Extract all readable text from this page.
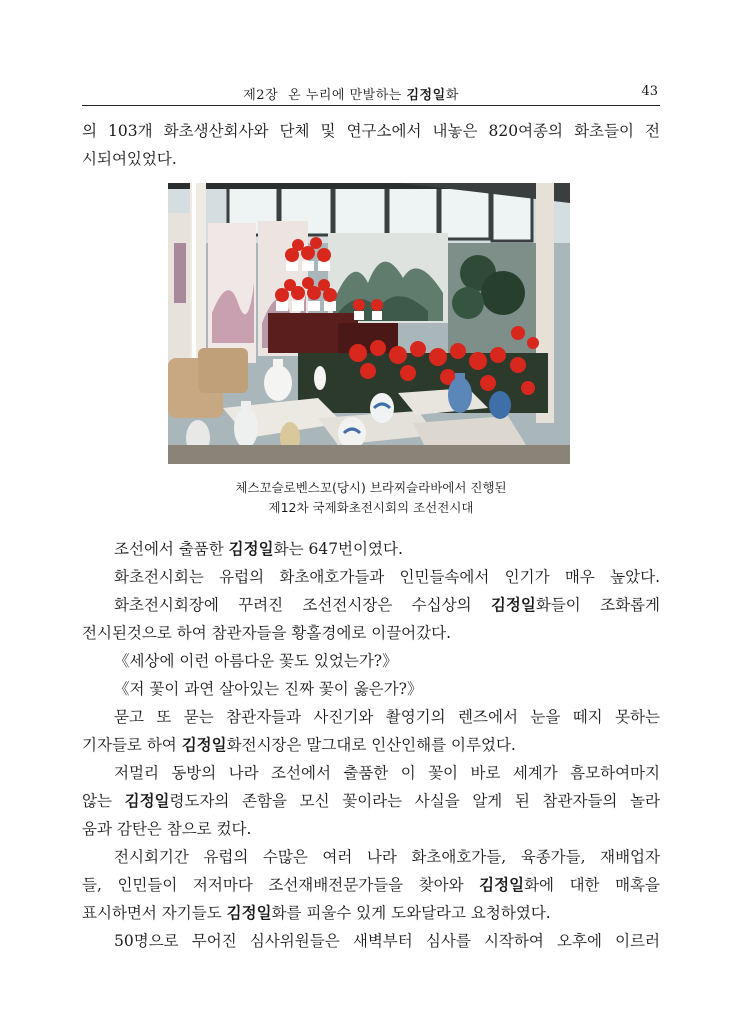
제2장 온 누리에 만발하는 김정일화	43
의 103개 화초생산회사와 단체 및 연구소에서 내놓은 820여종의 화초들이 전
시되여있었다.
체스꼬슬로벤스꼬(당시) 브라찌슬라바에서 진행된
제12차 국제화초전시회의 조선전시대
조선에서 출품한 김정일화는 647번이였다.
화초전시회는 유럽의 화초애호가들과 인민들속에서 인기가 매우 높았다.
화초전시회장에 꾸려진 조선전시장은 수십상의 김정일화들이 조화롭게
전시된것으로 하여 참관자들을 황홀경에로 이끌어갔다.
《세상에 이런 아름다운 꽃도 있었는가?》
《저 꽃이 과연 살아있는 진짜 꽃이 옳은가?》
묻고 또 묻는 참관자들과 사진기와 촬영기의 렌즈에서 눈을 떼지 못하는
기자들로 하여 김정일화전시장은 말그대로 인산인해를 이루었다.
저멀리 동방의 나라 조선에서 출품한 이 꽃이 바로 세계가 흠모하여마지
않는 김정일령도자의 존함을 모신 꽃이라는 사실을 알게 된 참관자들의 놀라
움과 감탄은 참으로 컸다.
전시회기간 유럽의 수많은 여러 나라 화초애호가들, 육종가들, 재배업자
들, 인민들이 저저마다 조선재배전문가들을 찾아와 김정일화에 대한 매혹을
표시하면서 자기들도 김정일화를 피울수 있게 도와달라고 요청하였다.
50명으로 무어진 심사위원들은 새벽부터 심사를 시작하여 오후에 이르러
